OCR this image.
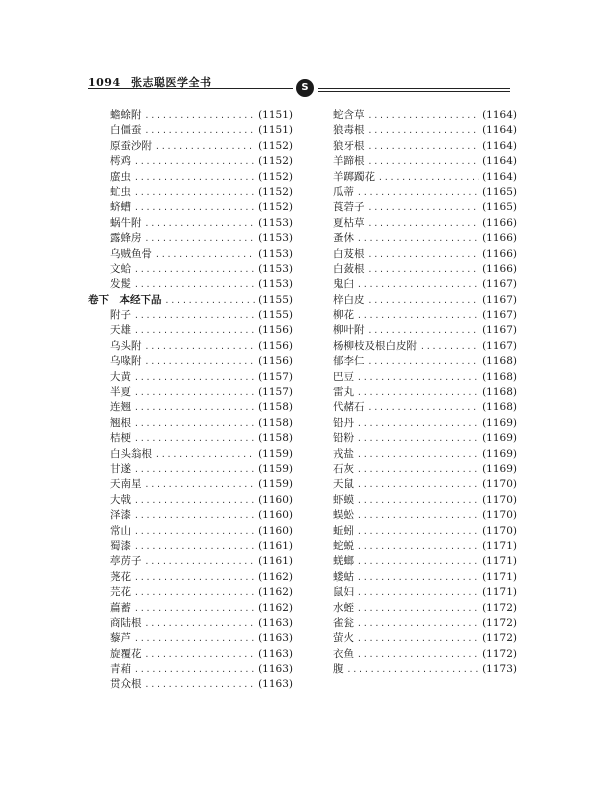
1094 张志聪医学全书	S
蟾蜍附 .....	(1151)
白僵蚕 .....	(1151)
原蚕沙附 .....	(1152)
樗鸡 .....	(1152)
䗪虫 .....	(1152)
虻虫 .....	(1152)
蛴螬 .....	(1152)
蜗牛附 .....	(1153)
露蜂房 .....	(1153)
乌贼鱼骨 .....	(1153)
文蛤 .....	(1153)
发髲 .....	(1153)
卷下　本经下品 .....	(1155)
附子 .....	(1155)
天雄 .....	(1156)
乌头附 .....	(1156)
乌喙附 .....	(1156)
大黄 .....	(1157)
半夏 .....	(1157)
连翘 .....	(1158)
翘根 .....	(1158)
桔梗 .....	(1158)
白头翁根 .....	(1159)
甘遂 .....	(1159)
天南星 .....	(1159)
大戟 .....	(1160)
泽漆 .....	(1160)
常山 .....	(1160)
蜀漆 .....	(1161)
葶苈子 .....	(1161)
荛花 .....	(1162)
芫花 .....	(1162)
萹蓄 .....	(1162)
商陆根 .....	(1163)
藜芦 .....	(1163)
旋覆花 .....	(1163)
青葙 .....	(1163)
贯众根 .....	(1163)
蛇含草 .....	(1164)
狼毒根 .....	(1164)
狼牙根 .....	(1164)
羊蹄根 .....	(1164)
羊踯躅花 .....	(1164)
瓜蒂 .....	(1165)
莨菪子 .....	(1165)
夏枯草 .....	(1166)
蚤休 .....	(1166)
白芨根 .....	(1166)
白蔹根 .....	(1166)
鬼臼 .....	(1167)
梓白皮 .....	(1167)
柳花 .....	(1167)
柳叶附 .....	(1167)
杨柳枝及根白皮附 .....	(1167)
郁李仁 .....	(1168)
巴豆 .....	(1168)
雷丸 .....	(1168)
代赭石 .....	(1168)
铅丹 .....	(1169)
铅粉 .....	(1169)
戎盐 .....	(1169)
石灰 .....	(1169)
天鼠 .....	(1170)
虾蟆 .....	(1170)
蜈蚣 .....	(1170)
蚯蚓 .....	(1170)
蛇蜕 .....	(1171)
蜣螂 .....	(1171)
蝼蛄 .....	(1171)
鼠妇 .....	(1171)
水蛭 .....	(1172)
雀瓮 .....	(1172)
萤火 .....	(1172)
衣鱼 .....	(1172)
腹 .....	(1173)
